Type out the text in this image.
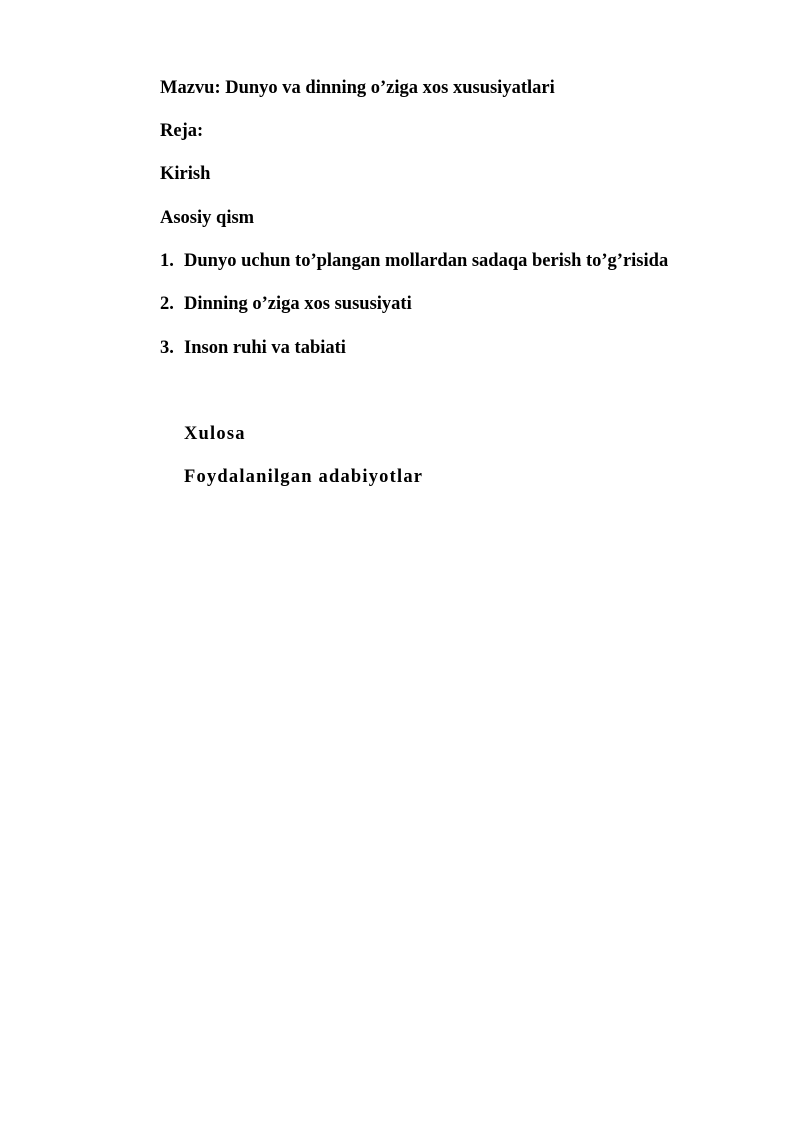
Mazvu: Dunyo va dinning o’ziga xos xususiyatlari
Reja:
Kirish
Asosiy qism
1. Dunyo uchun to’plangan mollardan sadaqa berish to’g’risida
2. Dinning o’ziga xos sususiyati
3. Inson ruhi va tabiati
Xulosa
Foydalanilgan adabiyotlar
